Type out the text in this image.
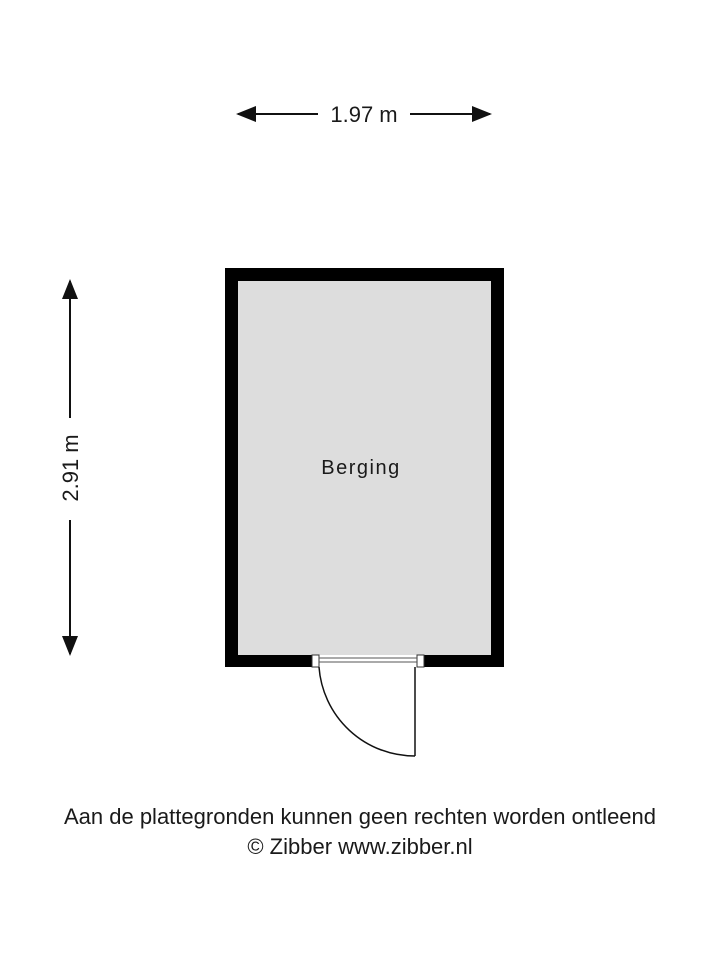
1.97 m
2.91 m	Berging
Aan de plattegronden kunnen geen rechten worden ontleend
© Zibber www.zibber.nl
